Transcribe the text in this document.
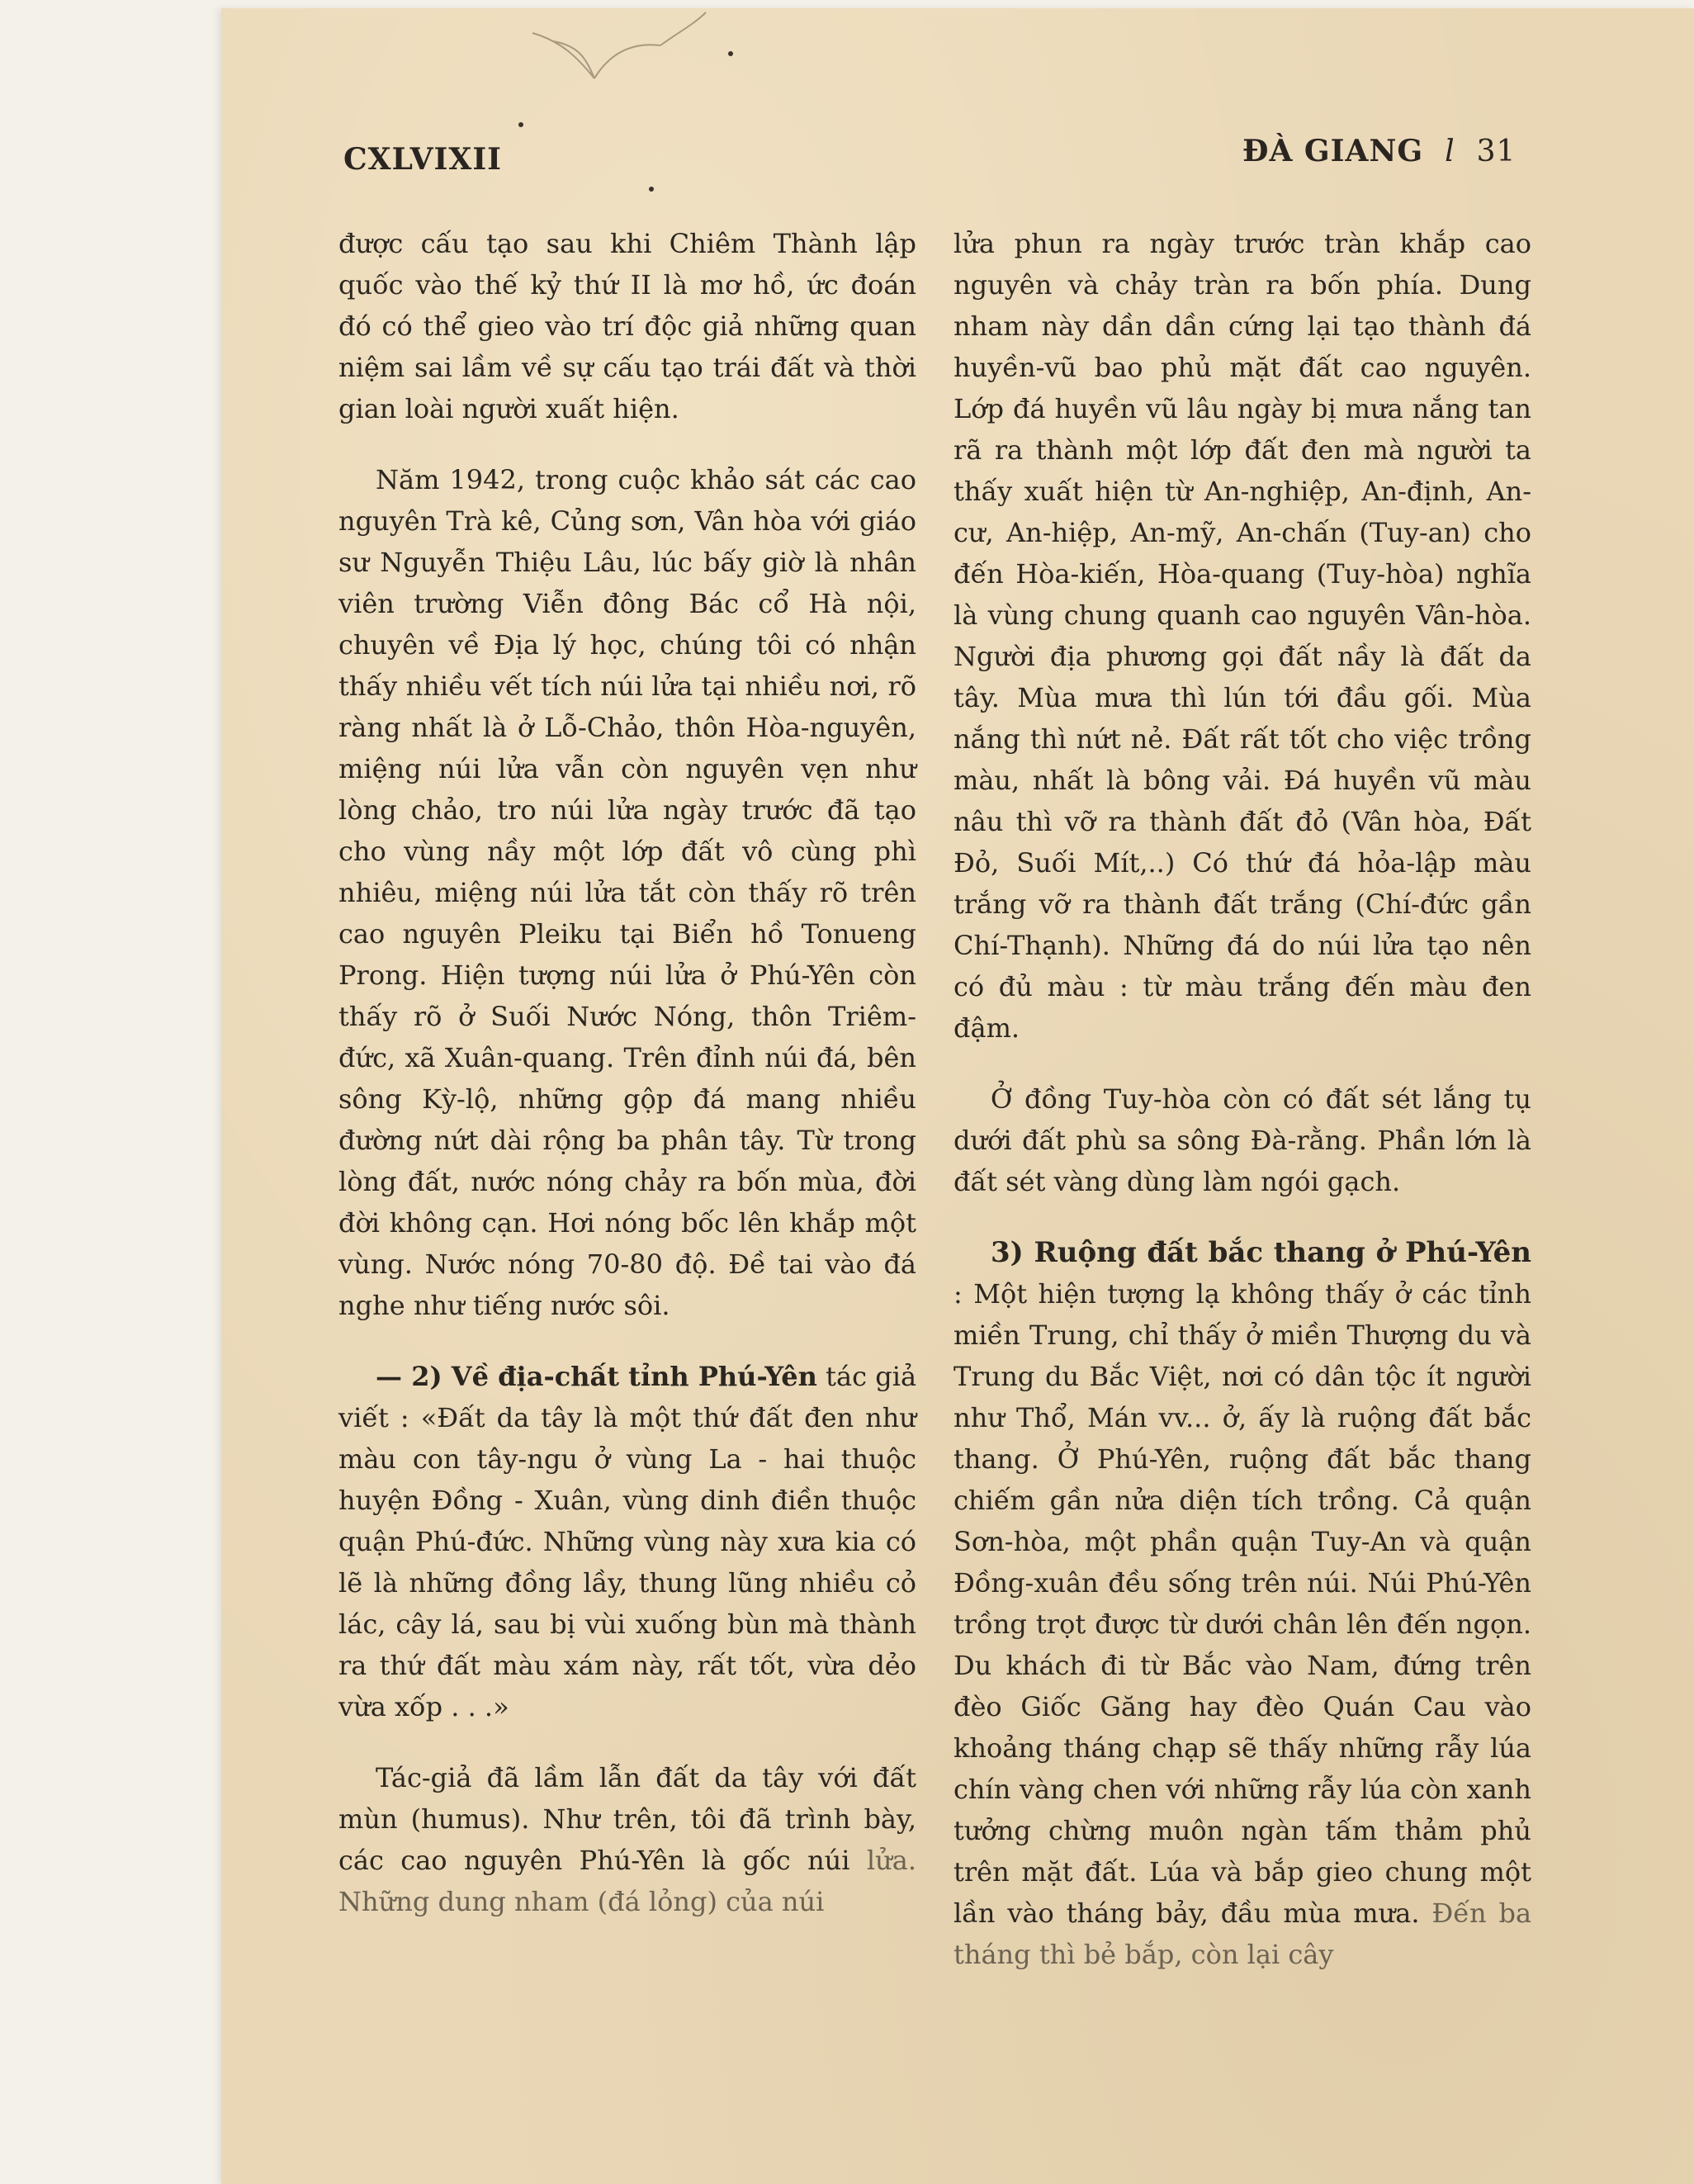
CXLVIXII	ĐÀ GIANG l 31

được cấu tạo sau khi Chiêm Thành lập quốc vào thế kỷ thứ II là mơ hồ, ức đoán đó có thể gieo vào trí độc giả những quan niệm sai lầm về sự cấu tạo trái đất và thời gian loài người xuất hiện.

Năm 1942, trong cuộc khảo sát các cao nguyên Trà kê, Củng sơn, Vân hòa với giáo sư Nguyễn Thiệu Lâu, lúc bấy giờ là nhân viên trường Viễn đông Bác cổ Hà nội, chuyên về Địa lý học, chúng tôi có nhận thấy nhiều vết tích núi lửa tại nhiều nơi, rõ ràng nhất là ở Lỗ-Chảo, thôn Hòa-nguyên, miệng núi lửa vẫn còn nguyên vẹn như lòng chảo, tro núi lửa ngày trước đã tạo cho vùng nầy một lớp đất vô cùng phì nhiêu, miệng núi lửa tắt còn thấy rõ trên cao nguyên Pleiku tại Biển hồ Tonueng Prong. Hiện tượng núi lửa ở Phú-Yên còn thấy rõ ở Suối Nước Nóng, thôn Triêm-đức, xã Xuân-quang. Trên đỉnh núi đá, bên sông Kỳ-lộ, những gộp đá mang nhiều đường nứt dài rộng ba phân tây. Từ trong lòng đất, nước nóng chảy ra bốn mùa, đời đời không cạn. Hơi nóng bốc lên khắp một vùng. Nước nóng 70-80 độ. Đề tai vào đá nghe như tiếng nước sôi.

— 2) Về địa-chất tỉnh Phú-Yên tác giả viết : «Đất da tây là một thứ đất đen như màu con tây-ngu ở vùng La - hai thuộc huyện Đồng - Xuân, vùng dinh điền thuộc quận Phú-đức. Những vùng này xưa kia có lẽ là những đồng lầy, thung lũng nhiều cỏ lác, cây lá, sau bị vùi xuống bùn mà thành ra thứ đất màu xám này, rất tốt, vừa dẻo vừa xốp . . .»

Tác-giả đã lầm lẫn đất da tây với đất mùn (humus). Như trên, tôi đã trình bày, các cao nguyên Phú-Yên là gốc núi lửa. Những dung nham (đá lỏng) của núi

lửa phun ra ngày trước tràn khắp cao nguyên và chảy tràn ra bốn phía. Dung nham này dần dần cứng lại tạo thành đá huyền-vũ bao phủ mặt đất cao nguyên. Lớp đá huyền vũ lâu ngày bị mưa nắng tan rã ra thành một lớp đất đen mà người ta thấy xuất hiện từ An-nghiệp, An-định, An-cư, An-hiệp, An-mỹ, An-chấn (Tuy-an) cho đến Hòa-kiến, Hòa-quang (Tuy-hòa) nghĩa là vùng chung quanh cao nguyên Vân-hòa. Người địa phương gọi đất nầy là đất da tây. Mùa mưa thì lún tới đầu gối. Mùa nắng thì nứt nẻ. Đất rất tốt cho việc trồng màu, nhất là bông vải. Đá huyền vũ màu nâu thì vỡ ra thành đất đỏ (Vân hòa, Đất Đỏ, Suối Mít,..) Có thứ đá hỏa-lập màu trắng vỡ ra thành đất trắng (Chí-đức gần Chí-Thạnh). Những đá do núi lửa tạo nên có đủ màu : từ màu trắng đến màu đen đậm.

Ở đồng Tuy-hòa còn có đất sét lắng tụ dưới đất phù sa sông Đà-rằng. Phần lớn là đất sét vàng dùng làm ngói gạch.

3) Ruộng đất bắc thang ở Phú-Yên : Một hiện tượng lạ không thấy ở các tỉnh miền Trung, chỉ thấy ở miền Thượng du và Trung du Bắc Việt, nơi có dân tộc ít người như Thổ, Mán vv... ở, ấy là ruộng đất bắc thang. Ở Phú-Yên, ruộng đất bắc thang chiếm gần nửa diện tích trồng. Cả quận Sơn-hòa, một phần quận Tuy-An và quận Đồng-xuân đều sống trên núi. Núi Phú-Yên trồng trọt được từ dưới chân lên đến ngọn. Du khách đi từ Bắc vào Nam, đứng trên đèo Giốc Găng hay đèo Quán Cau vào khoảng tháng chạp sẽ thấy những rẫy lúa chín vàng chen với những rẫy lúa còn xanh tưởng chừng muôn ngàn tấm thảm phủ trên mặt đất. Lúa và bắp gieo chung một lần vào tháng bảy, đầu mùa mưa. Đến ba tháng thì bẻ bắp, còn lại cây
